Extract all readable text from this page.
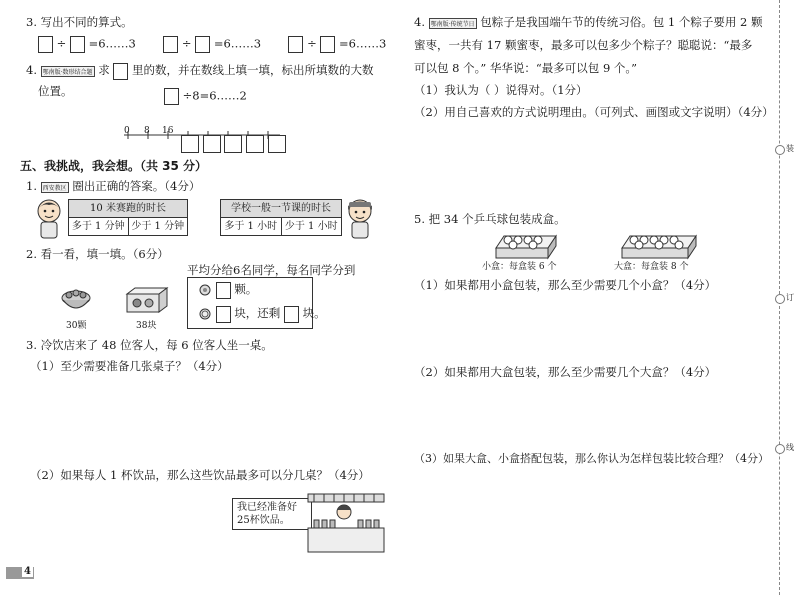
3. 写出不同的算式。
÷ =6……3	÷ =6……3	÷ =6……3
4. 鄂南版·数形结合题 求 里的数，并在数线上填一填，标出所填数的大数
位置。	÷8=6……2
0 8 16

五、我挑战，我会想。（共 35 分）
1. 西安教区 圈出正确的答案。（4分）
10 米赛跑的时长
多于 1 分钟 少于 1 分钟
学校一般一节课的时长
多于 1 小时 少于 1 小时
2. 看一看，填一填。（6分）
平均分给6名同学，每名同学分到
颗。
块，还剩 块。
30颗	38块
3. 冷饮店来了 48 位客人，每 6 位客人坐一桌。
（1）至少需要准备几张桌子？（4分）
（2）如果每人 1 杯饮品，那么这些饮品最多可以分几桌？（4分）
我已经准备好
25杯饮品。
4
4. 鄂南版·传统节日 包粽子是我国端午节的传统习俗。包 1 个粽子要用 2 颗
蜜枣，一共有 17 颗蜜枣，最多可以包多少个粽子？聪聪说：“最多
可以包 8 个。” 华华说：“最多可以包 9 个。”
（1）我认为（ ）说得对。（1分）
（2）用自己喜欢的方式说明理由。（可列式、画图或文字说明）（4分）
5. 把 34 个乒乓球包装成盒。
小盒：每盒装 6 个	大盒：每盒装 8 个
（1）如果都用小盒包装，那么至少需要几个小盒？（4分）
（2）如果都用大盒包装，那么至少需要几个大盒？（4分）
（3）如果大盒、小盒搭配包装，那么你认为怎样包装比较合理？（4分）
装
订
线
